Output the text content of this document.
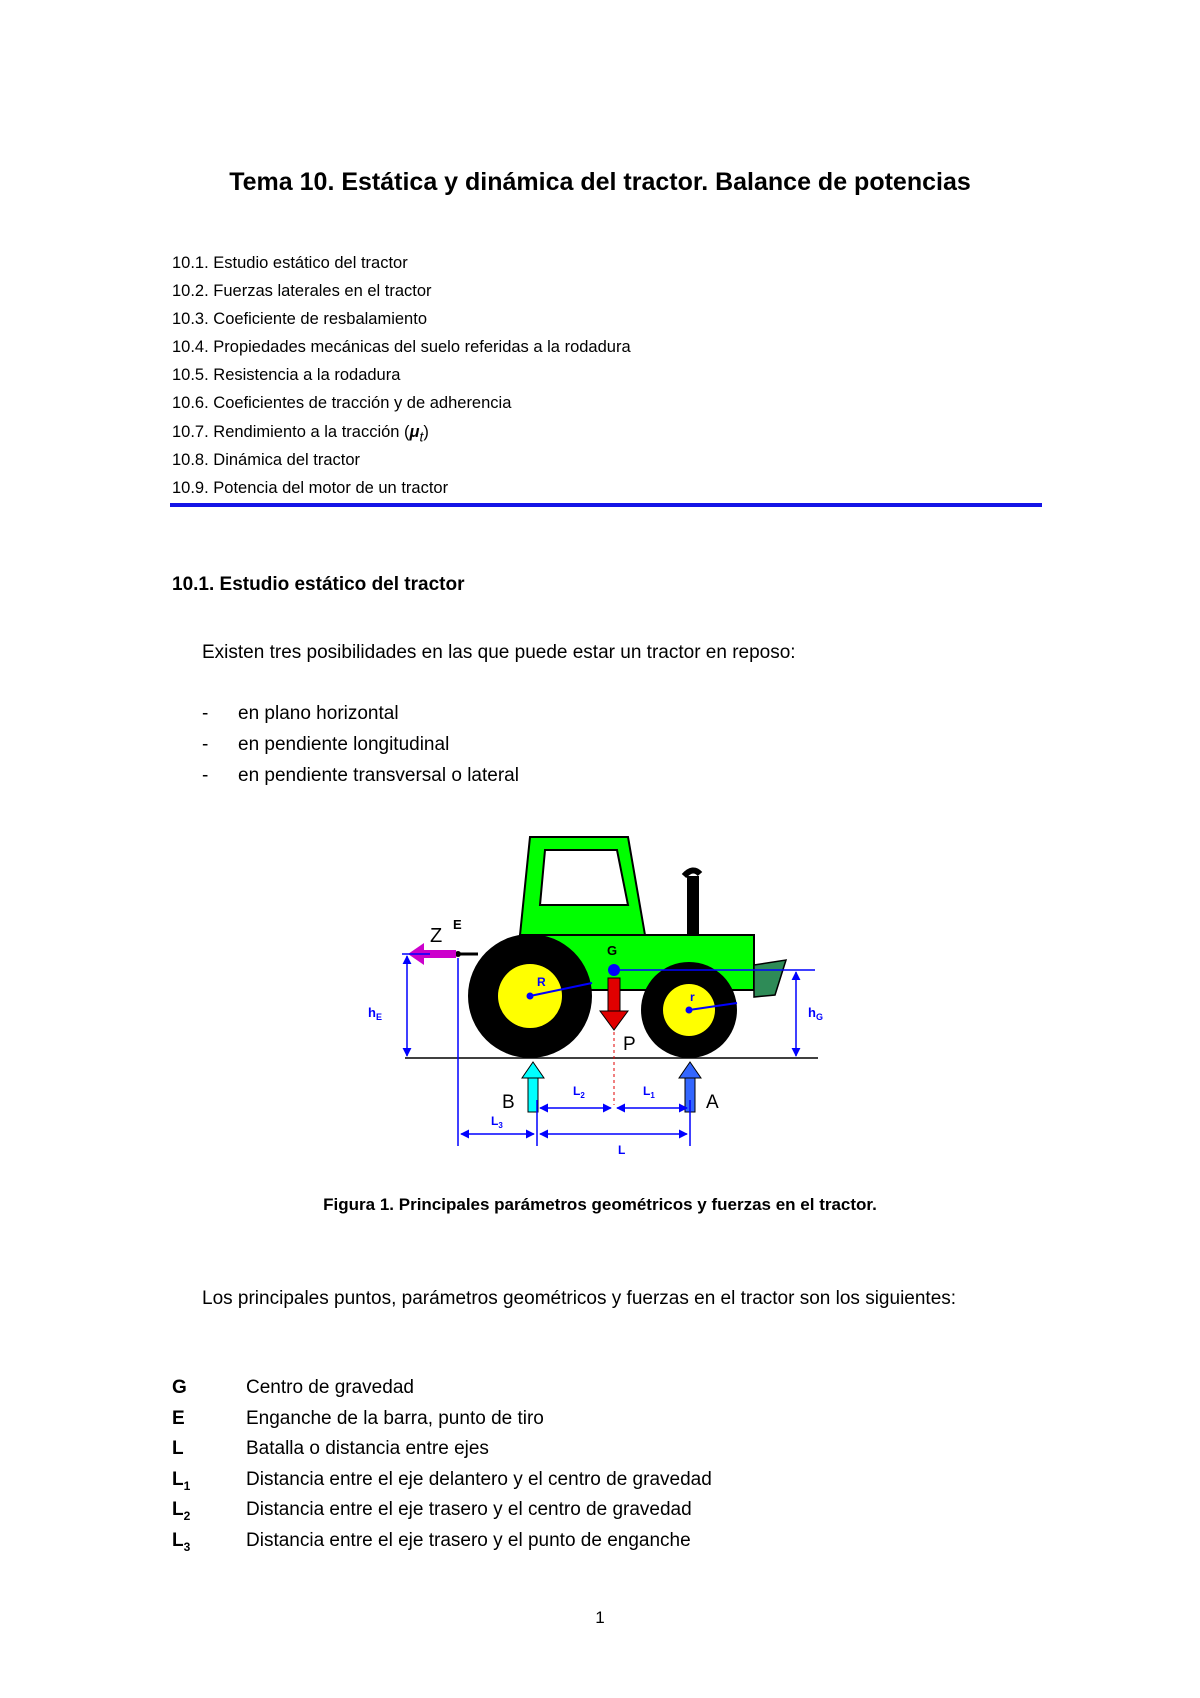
Tema 10. Estática y dinámica del tractor. Balance de potencias
10.1. Estudio estático del tractor
10.2. Fuerzas laterales en el tractor
10.3. Coeficiente de resbalamiento
10.4. Propiedades mecánicas del suelo referidas a la rodadura
10.5. Resistencia a la rodadura
10.6. Coeficientes de tracción y de adherencia
10.7. Rendimiento a la tracción $(\mu_t)$
10.8. Dinámica del tractor
10.9. Potencia del motor de un tractor
10.1. Estudio estático del tractor

Existen tres posibilidades en las que puede estar un tractor en reposo:

- en plano horizontal
- en pendiente longitudinal
- en pendiente transversal o lateral
Z
E
G
R
r
P
$h_E$	$h_G$
B	A
$L_2$	$L_1$
$L_3$
L

Figura 1. Principales parámetros geométricos y fuerzas en el tractor.

Los principales puntos, parámetros geométricos y fuerzas en el tractor son los siguientes:

G	Centro de gravedad
E	Enganche de la barra, punto de tiro
L	Batalla o distancia entre ejes
$L_1$	Distancia entre el eje delantero y el centro de gravedad
$L_2$	Distancia entre el eje trasero y el centro de gravedad
$L_3$	Distancia entre el eje trasero y el punto de enganche
1
